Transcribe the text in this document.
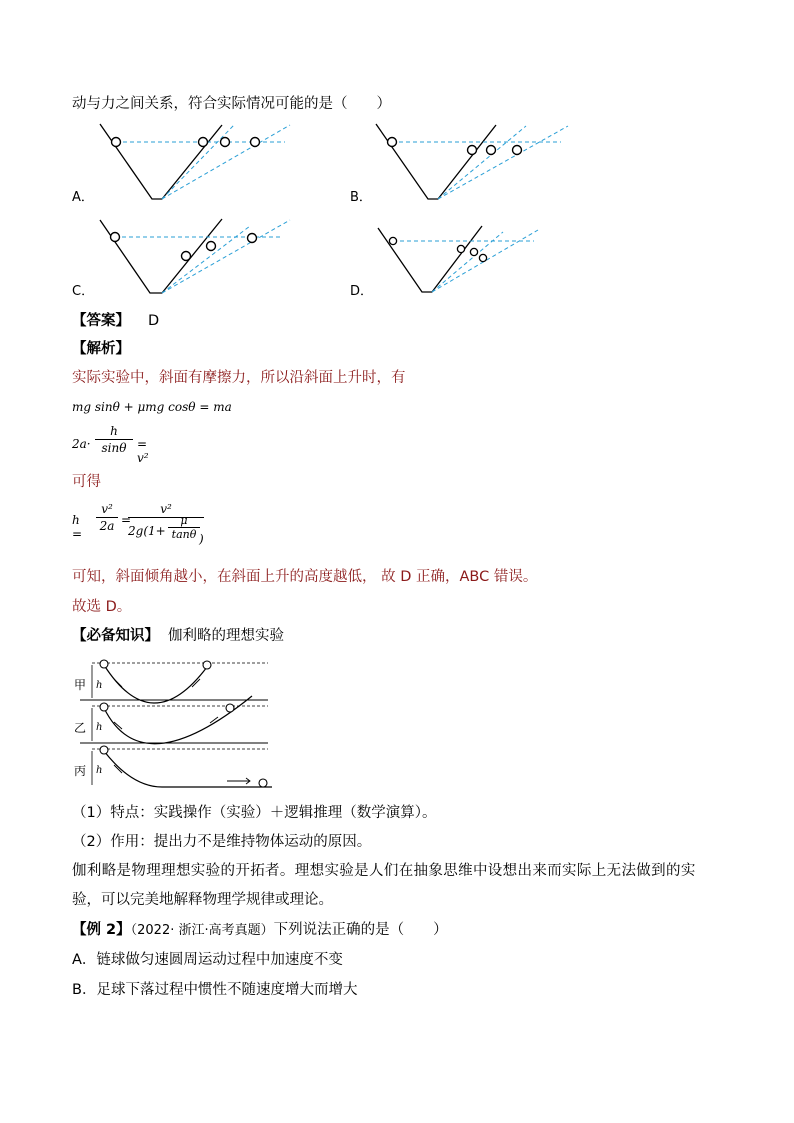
动与力之间关系，符合实际情况可能的是（　　）
A．	B．
C．	D．
【答案】 D
【解析】
实际实验中，斜面有摩擦力，所以沿斜面上升时，有
mg sinθ + μmg cosθ = ma
$2a\cdot \frac{h}{\sin\theta} = v^2$
可得
$h = \frac{\text{v²}}{2a}$ =
v²
2g(1+
μ
tanθ )
可知，斜面倾角越小，在斜面上升的高度越低， 故 D 正确，ABC 错误。
故选 D。
【必备知识】 伽利略的理想实验
甲
乙
丙
h
h
h
（1）特点：实践操作（实验）＋逻辑推理（数学演算）。
（2）作用：提出力不是维持物体运动的原因。
伽利略是物理理想实验的开拓者。理想实验是人们在抽象思维中设想出来而实际上无法做到的实
验，可以完美地解释物理学规律或理论。
【例 2】（2022· 浙江·高考真题）下列说法正确的是（　　）
A．链球做匀速圆周运动过程中加速度不变
B．足球下落过程中惯性不随速度增大而增大
